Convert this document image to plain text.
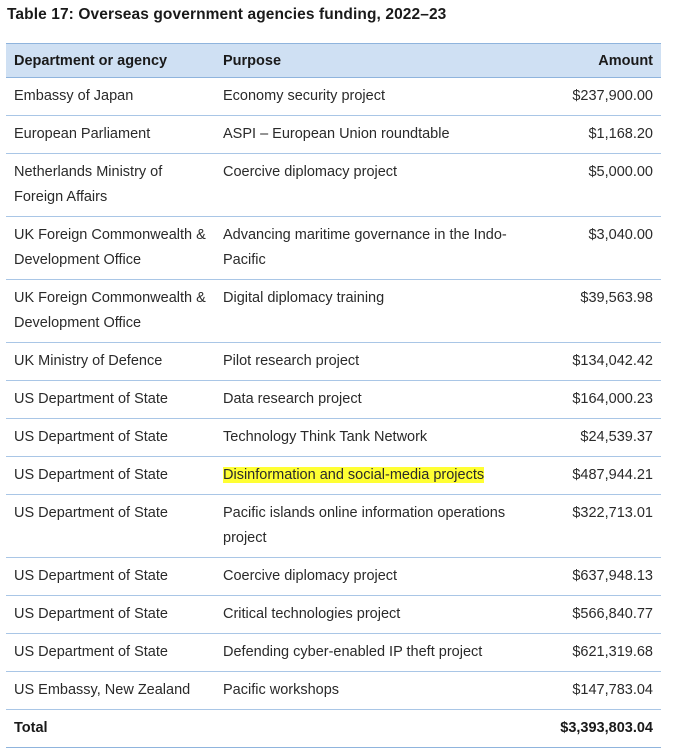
Table 17: Overseas government agencies funding, 2022–23
Department or agency	Purpose	Amount
Embassy of Japan	Economy security project	$237,900.00
European Parliament	ASPI – European Union roundtable	$1,168.20
Netherlands Ministry of Foreign Affairs	Coercive diplomacy project	$5,000.00
UK Foreign Commonwealth & Development Office	Advancing maritime governance in the Indo-Pacific	$3,040.00
UK Foreign Commonwealth & Development Office	Digital diplomacy training	$39,563.98
UK Ministry of Defence	Pilot research project	$134,042.42
US Department of State	Data research project	$164,000.23
US Department of State	Technology Think Tank Network	$24,539.37
US Department of State	Disinformation and social-media projects	$487,944.21
US Department of State	Pacific islands online information operations project	$322,713.01
US Department of State	Coercive diplomacy project	$637,948.13
US Department of State	Critical technologies project	$566,840.77
US Department of State	Defending cyber-enabled IP theft project	$621,319.68
US Embassy, New Zealand	Pacific workshops	$147,783.04
Total		$3,393,803.04
